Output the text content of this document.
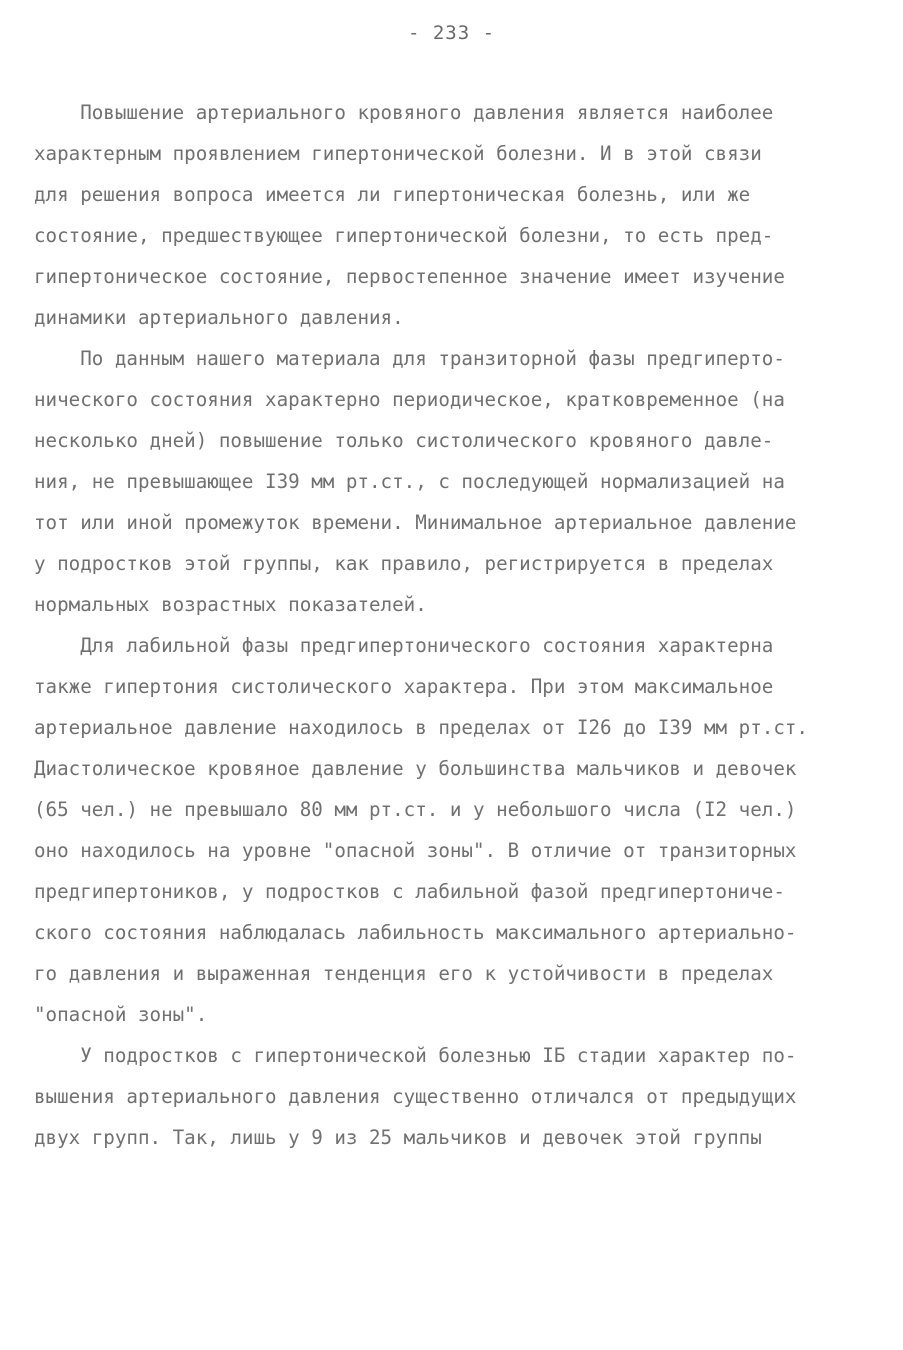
- 233 -
Повышение артериального кровяного давления является наиболее
характерным проявлением гипертонической болезни. И в этой связи
для решения вопроса имеется ли гипертоническая болезнь, или же
состояние, предшествующее гипертонической болезни, то есть пред-
гипертоническое состояние, первостепенное значение имеет изучение
динамики артериального давления.
По данным нашего материала для транзиторной фазы предгиперто-
нического состояния характерно периодическое, кратковременное (на
несколько дней) повышение только систолического кровяного давле-
ния, не превышающее I39 мм рт.ст., с последующей нормализацией на
тот или иной промежуток времени. Минимальное артериальное давление
у подростков этой группы, как правило, регистрируется в пределах
нормальных возрастных показателей.
Для лабильной фазы предгипертонического состояния характерна
также гипертония систолического характера. При этом максимальное
артериальное давление находилось в пределах от I26 до I39 мм рт.ст.
Диастолическое кровяное давление у большинства мальчиков и девочек
(65 чел.) не превышало 80 мм рт.ст. и у небольшого числа (I2 чел.)
оно находилось на уровне "опасной зоны". В отличие от транзиторных
предгипертоников, у подростков с лабильной фазой предгипертониче-
ского состояния наблюдалась лабильность максимального артериально-
го давления и выраженная тенденция его к устойчивости в пределах
"опасной зоны".
У подростков с гипертонической болезнью IБ стадии характер по-
вышения артериального давления существенно отличался от предыдущих
двух групп. Так, лишь у 9 из 25 мальчиков и девочек этой группы
